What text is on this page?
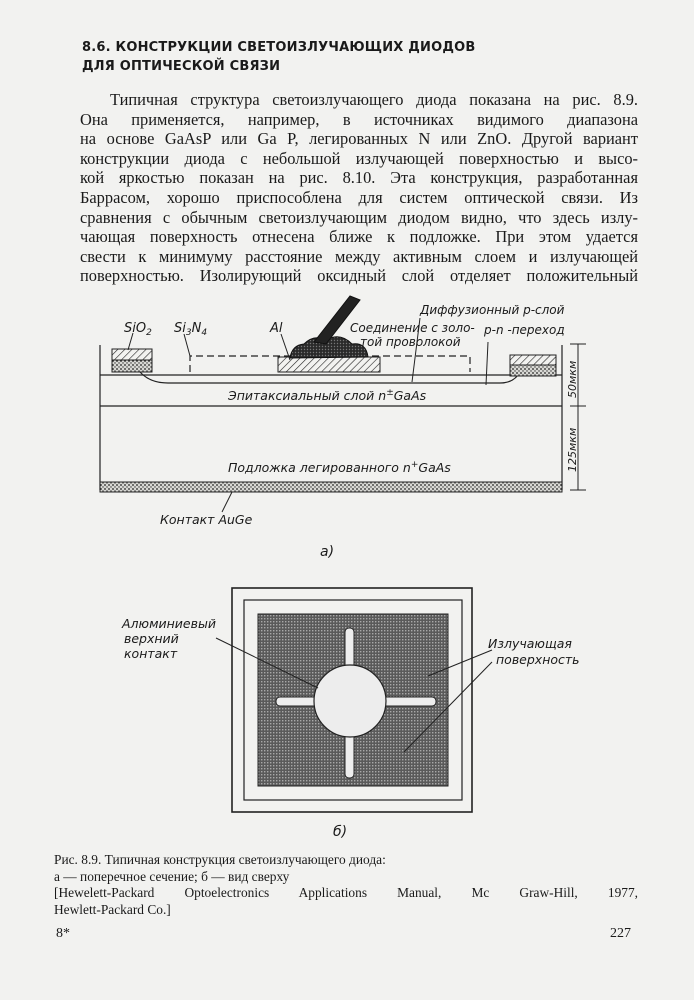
8.6. КОНСТРУКЦИИ СВЕТОИЗЛУЧАЮЩИХ ДИОДОВ
ДЛЯ ОПТИЧЕСКОЙ СВЯЗИ
Типичная структура светоизлучающего диода показана на рис. 8.9.
Она применяется, например, в источниках видимого диапазона
на основе GaAsP или Ga P, легированных N или ZnO. Другой вариант
конструкции диода с небольшой излучающей поверхностью и высо-
кой яркостью показан на рис. 8.10. Эта конструкция, разработанная
Баррасом, хорошо приспособлена для систем оптической связи. Из
сравнения с обычным светоизлучающим диодом видно, что здесь излу-
чающая поверхность отнесена ближе к подложке. При этом удается
свести к минимуму расстояние между активным слоем и излучающей
поверхностью. Изолирующий оксидный слой отделяет положительный
SiO$_2$ $Si_3N_4$	Al
Диффузионный p-слой
Соединение с золо-
той проволокой
p-n -переход
Эпитаксиальный слой n±GaAs
Подложка легированного n+GaAs
Контакт AuGe
50мкм
125мкм
а)
Алюминиевый
верхний
контакт
Излучающая
поверхность
б)
Рис. 8.9. Типичная конструкция светоизлучающего диода:
а — поперечное сечение; б — вид сверху
[Hewelett-Packard Optoelectronics Applications Manual, Mc Graw-Hill, 1977,
Hewlett-Packard Co.]
8*	227
